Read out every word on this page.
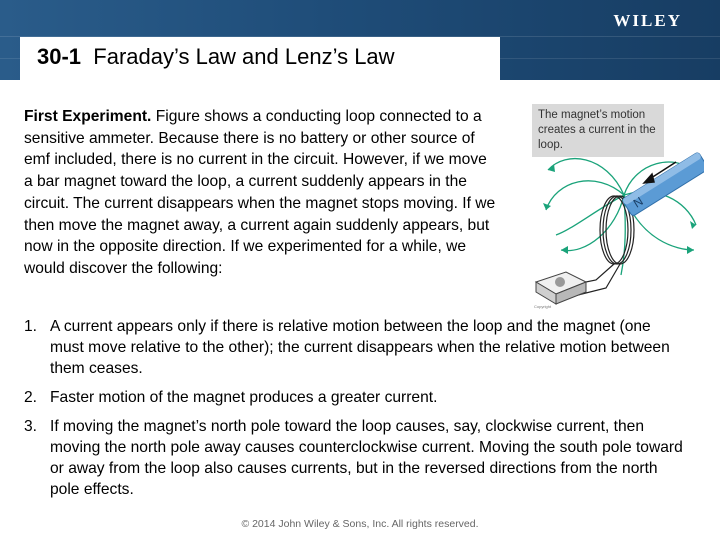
WILEY
30-1 Faraday’s Law and Lenz’s Law
First Experiment. Figure shows a conducting loop connected to a sensitive ammeter. Because there is no battery or other source of emf included, there is no current in the circuit. However, if we move a bar magnet toward the loop, a current suddenly appears in the circuit. The current disappears when the magnet stops moving. If we then move the magnet away, a current again suddenly appears, but now in the opposite direction. If we experimented for a while, we would discover the following:
N
Copyright
The magnet’s motion creates a current in the loop.
1. A current appears only if there is relative motion between the loop and the magnet (one must move relative to the other); the current disappears when the relative motion between them ceases.
2. Faster motion of the magnet produces a greater current.
3. If moving the magnet’s north pole toward the loop causes, say, clockwise current, then moving the north pole away causes counterclockwise current. Moving the south pole toward or away from the loop also causes currents, but in the reversed directions from the north pole effects.
© 2014 John Wiley & Sons, Inc. All rights reserved.
